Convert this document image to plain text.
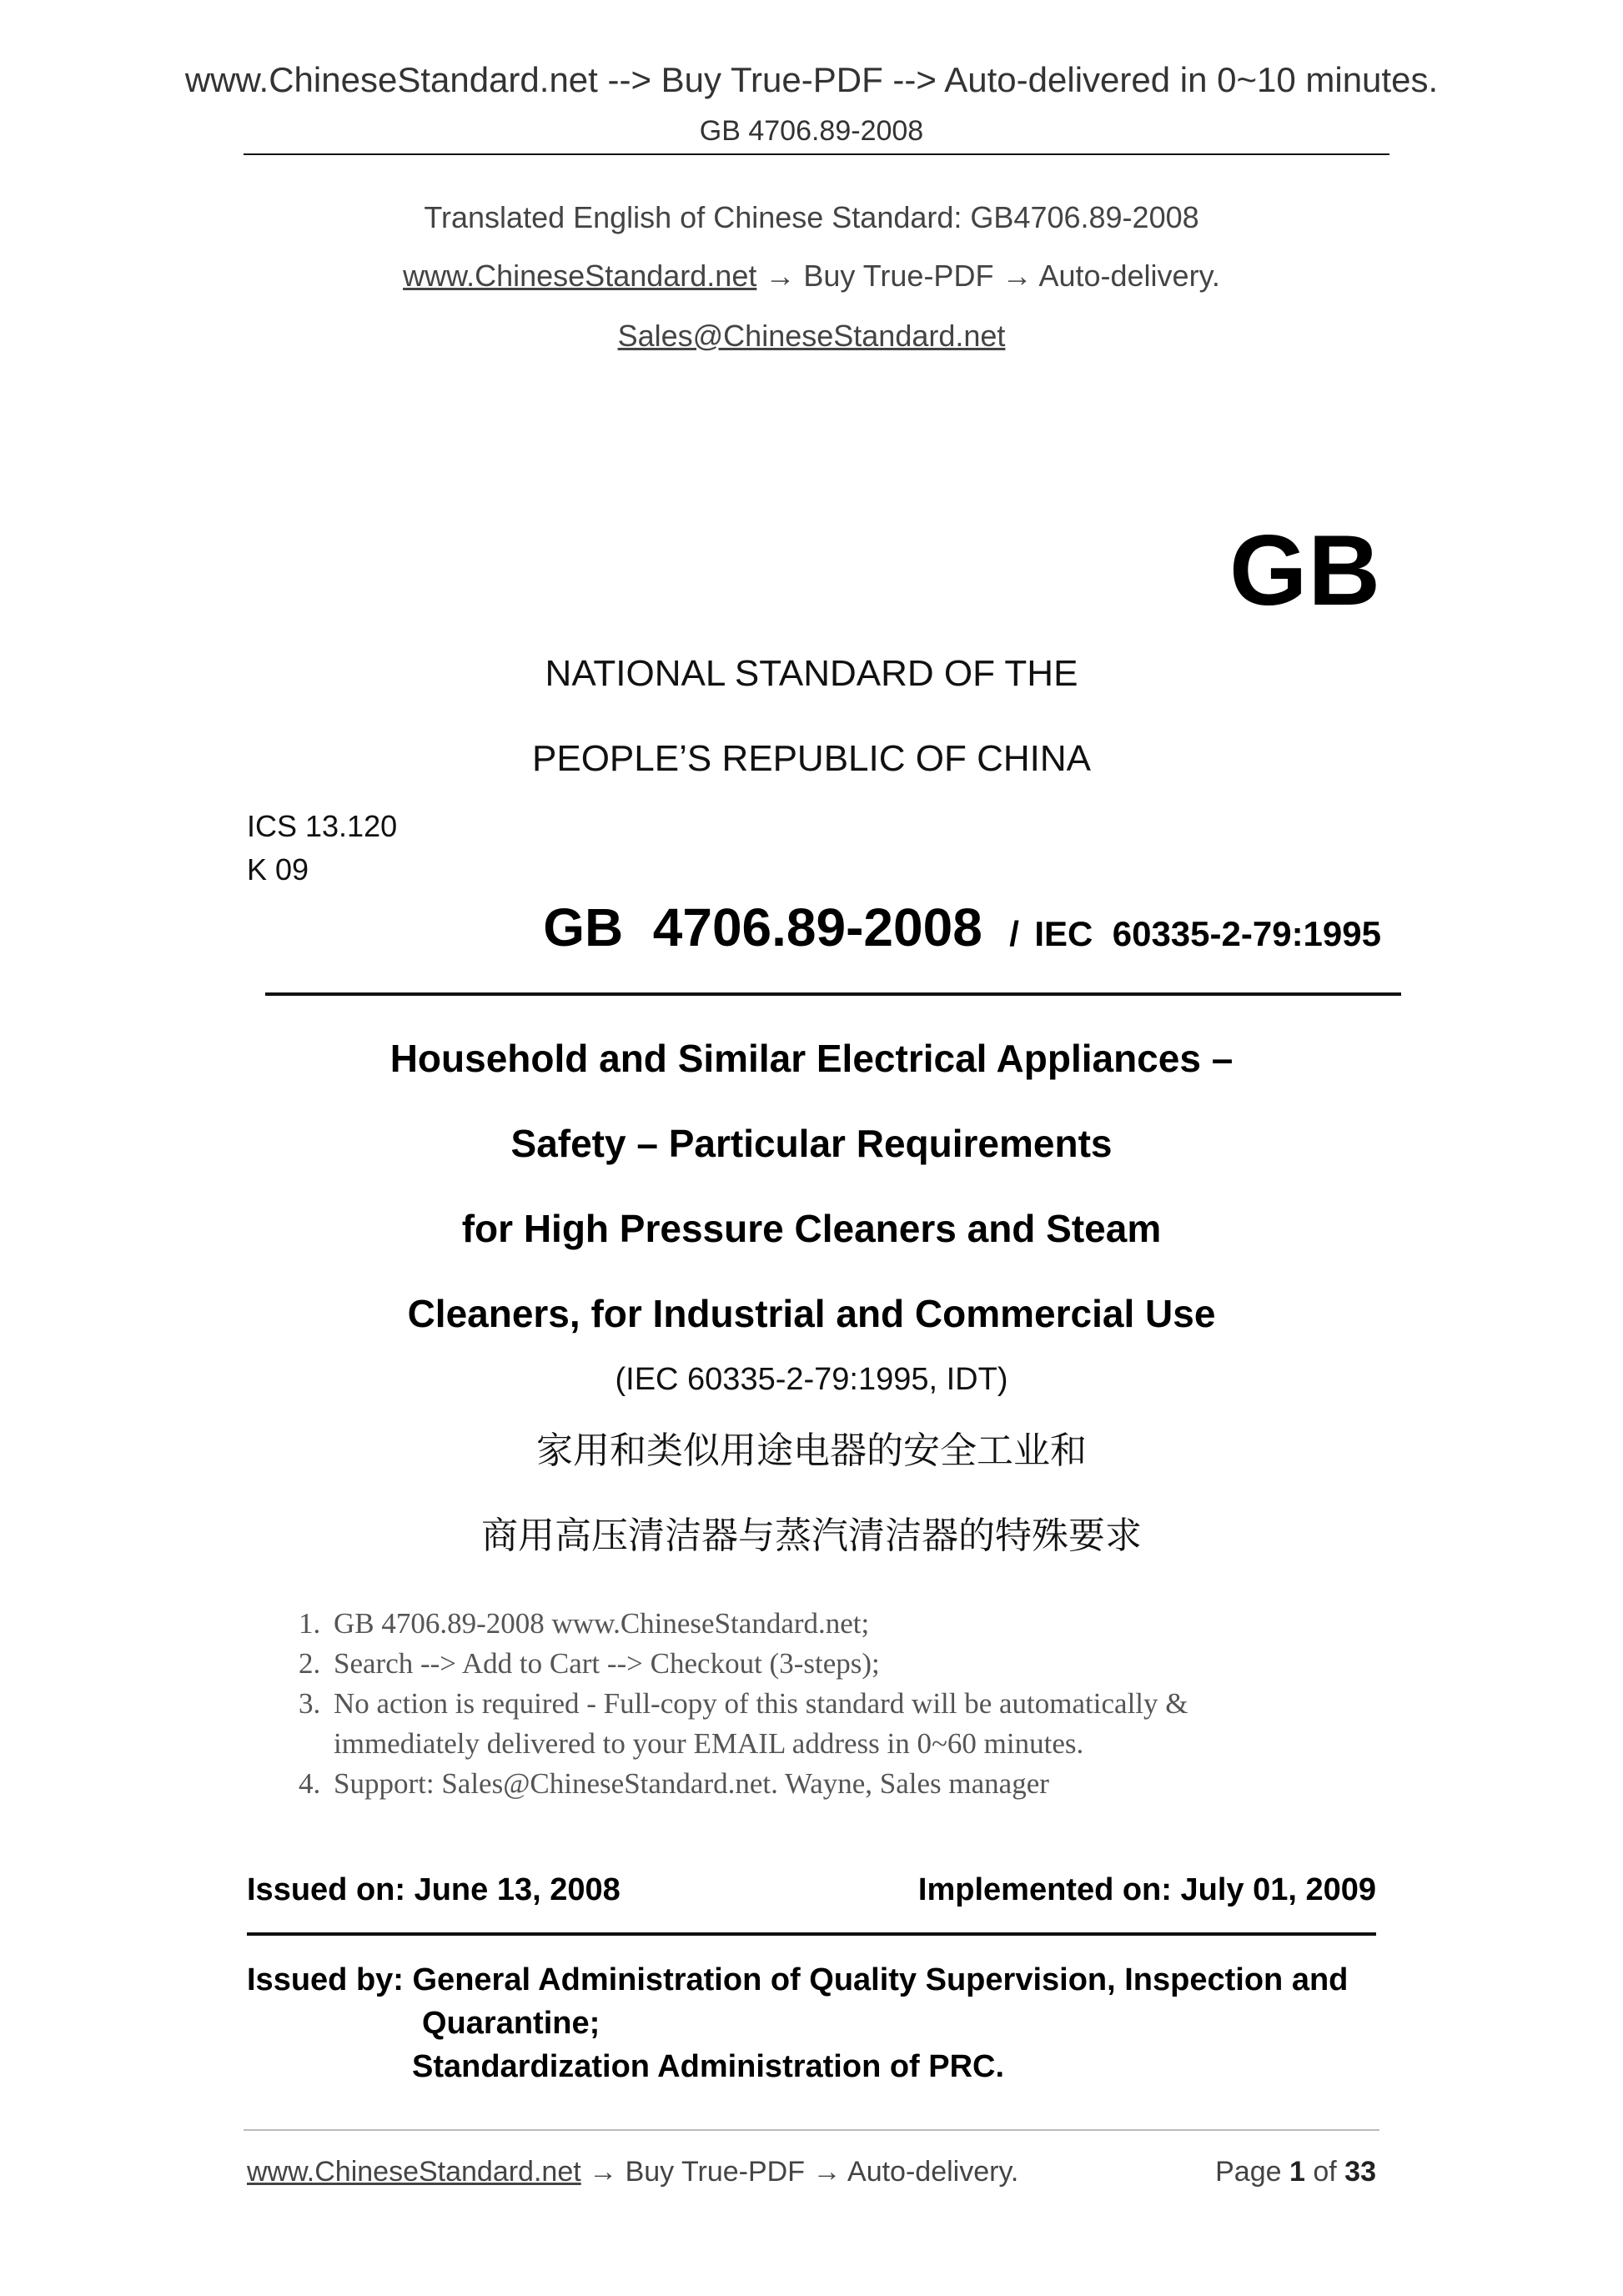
www.ChineseStandard.net --> Buy True-PDF --> Auto-delivered in 0~10 minutes.
GB 4706.89-2008
Translated English of Chinese Standard: GB4706.89-2008
www.ChineseStandard.net → Buy True-PDF → Auto-delivery.
Sales@ChineseStandard.net
GB
NATIONAL STANDARD OF THE
PEOPLE’S REPUBLIC OF CHINA
ICS 13.120
K 09
GB  4706.89-2008 / IEC  60335-2-79:1995
Household and Similar Electrical Appliances –
Safety – Particular Requirements
for High Pressure Cleaners and Steam
Cleaners, for Industrial and Commercial Use
(IEC 60335-2-79:1995, IDT)
家用和类似用途电器的安全工业和
商用高压清洁器与蒸汽清洁器的特殊要求
1. GB 4706.89-2008 www.ChineseStandard.net;
2. Search --> Add to Cart --> Checkout (3-steps);
3. No action is required - Full-copy of this standard will be automatically &
immediately delivered to your EMAIL address in 0~60 minutes.
4. Support: Sales@ChineseStandard.net. Wayne, Sales manager
Issued on: June 13, 2008	Implemented on: July 01, 2009
Issued by: General Administration of Quality Supervision, Inspection and
Quarantine;
Standardization Administration of PRC.
www.ChineseStandard.net → Buy True-PDF → Auto-delivery.	Page 1 of 33
